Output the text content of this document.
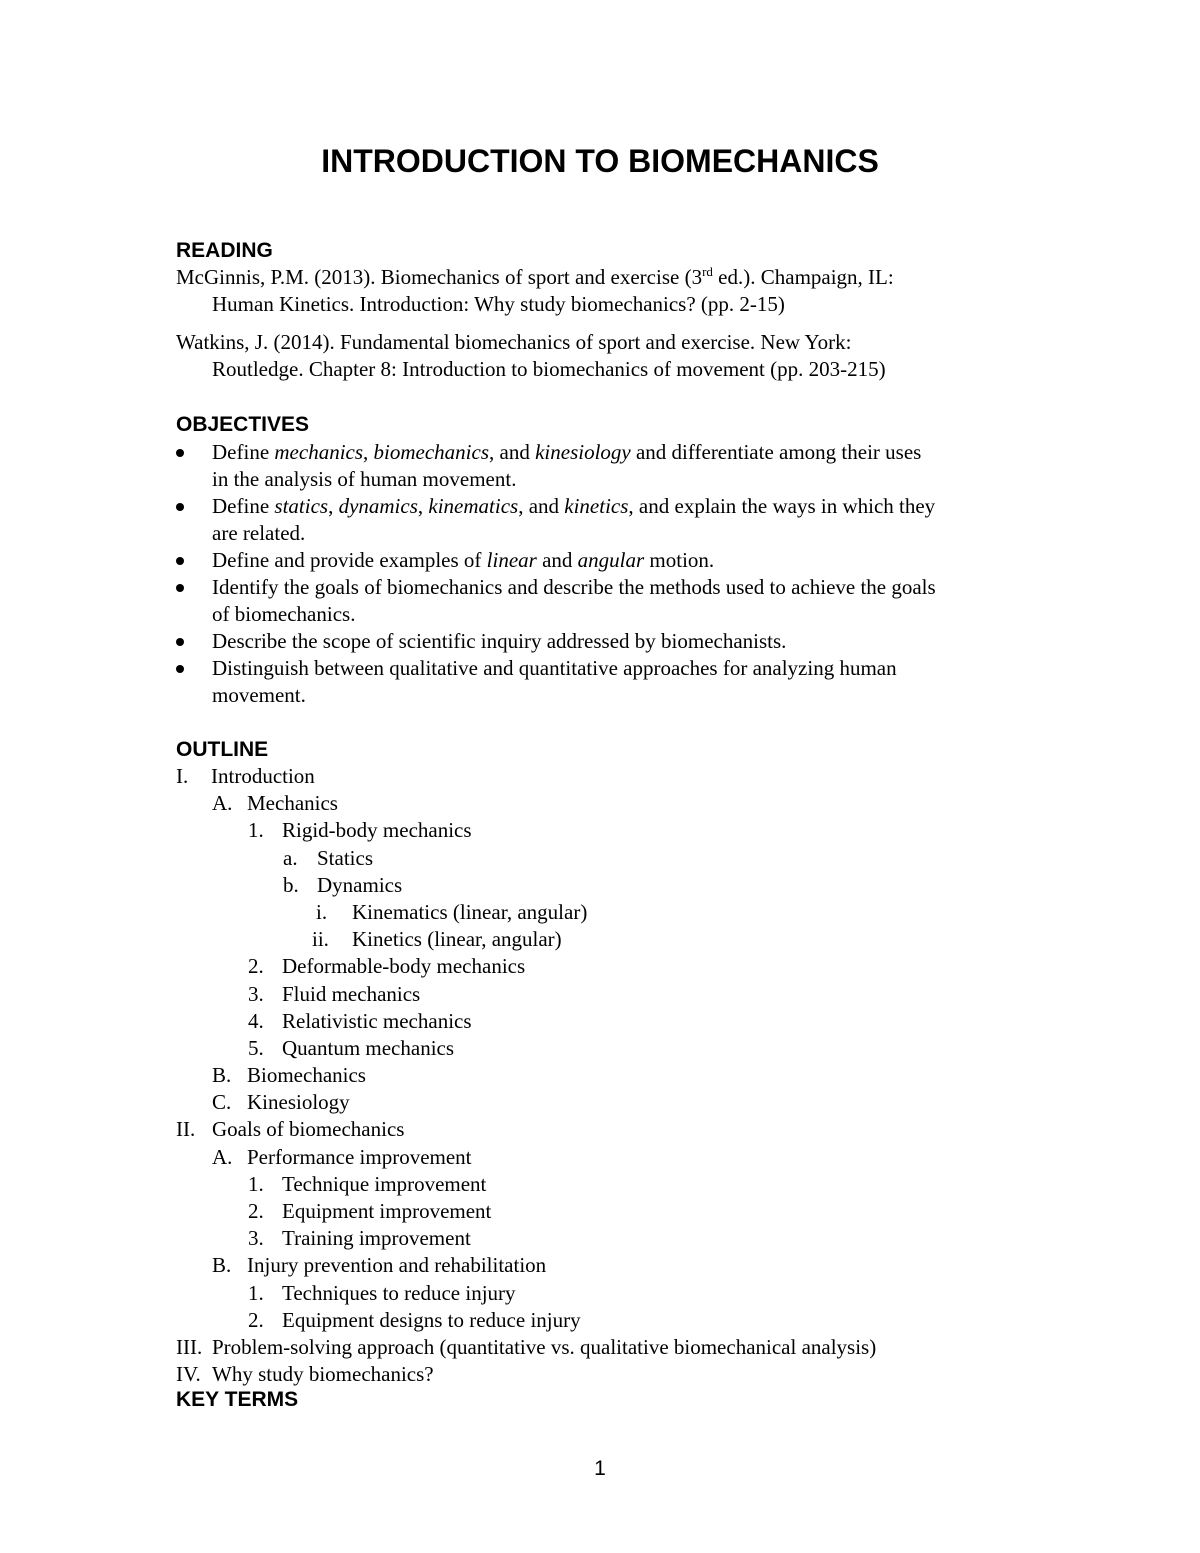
INTRODUCTION TO BIOMECHANICS
READING

McGinnis, P.M. (2013). Biomechanics of sport and exercise (3rd ed.). Champaign, IL:
Human Kinetics. Introduction: Why study biomechanics? (pp. 2-15)

Watkins, J. (2014). Fundamental biomechanics of sport and exercise. New York:
Routledge. Chapter 8: Introduction to biomechanics of movement (pp. 203-215)

OBJECTIVES
Define mechanics, biomechanics, and kinesiology and differentiate among their uses
in the analysis of human movement.
Define statics, dynamics, kinematics, and kinetics, and explain the ways in which they
are related.
Define and provide examples of linear and angular motion.
Identify the goals of biomechanics and describe the methods used to achieve the goals
of biomechanics.
Describe the scope of scientific inquiry addressed by biomechanists.
Distinguish between qualitative and quantitative approaches for analyzing human
movement.
OUTLINE
I. Introduction
A. Mechanics
1. Rigid-body mechanics
a. Statics
b. Dynamics
i. Kinematics (linear, angular)
ii. Kinetics (linear, angular)
2. Deformable-body mechanics
3. Fluid mechanics
4. Relativistic mechanics
5. Quantum mechanics
B. Biomechanics
C. Kinesiology
II. Goals of biomechanics
A. Performance improvement
1. Technique improvement
2. Equipment improvement
3. Training improvement
B. Injury prevention and rehabilitation
1. Techniques to reduce injury
2. Equipment designs to reduce injury
III. Problem-solving approach (quantitative vs. qualitative biomechanical analysis)
IV. Why study biomechanics?
KEY TERMS
1
